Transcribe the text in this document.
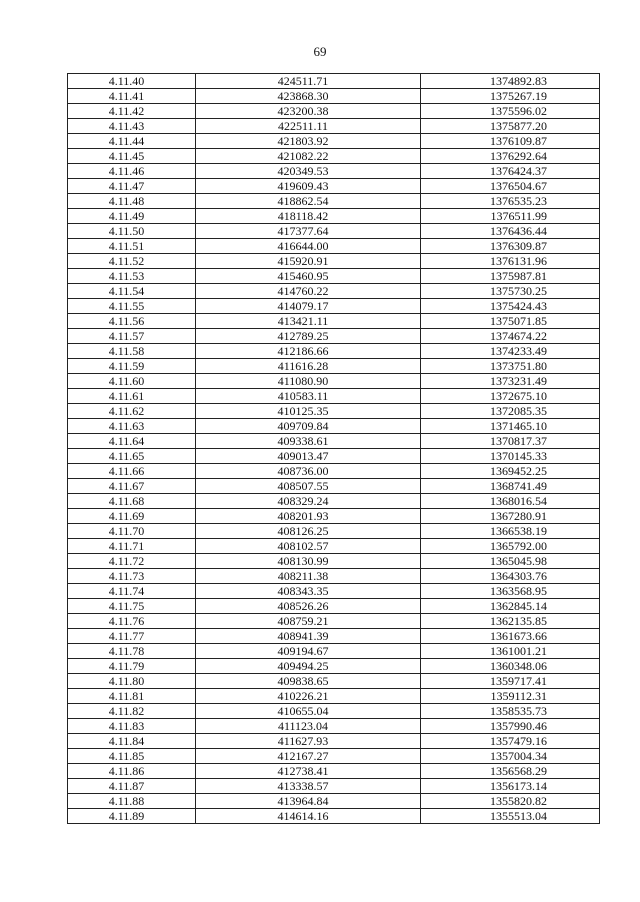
69
4.11.40	424511.71	1374892.83
4.11.41	423868.30	1375267.19
4.11.42	423200.38	1375596.02
4.11.43	422511.11	1375877.20
4.11.44	421803.92	1376109.87
4.11.45	421082.22	1376292.64
4.11.46	420349.53	1376424.37
4.11.47	419609.43	1376504.67
4.11.48	418862.54	1376535.23
4.11.49	418118.42	1376511.99
4.11.50	417377.64	1376436.44
4.11.51	416644.00	1376309.87
4.11.52	415920.91	1376131.96
4.11.53	415460.95	1375987.81
4.11.54	414760.22	1375730.25
4.11.55	414079.17	1375424.43
4.11.56	413421.11	1375071.85
4.11.57	412789.25	1374674.22
4.11.58	412186.66	1374233.49
4.11.59	411616.28	1373751.80
4.11.60	411080.90	1373231.49
4.11.61	410583.11	1372675.10
4.11.62	410125.35	1372085.35
4.11.63	409709.84	1371465.10
4.11.64	409338.61	1370817.37
4.11.65	409013.47	1370145.33
4.11.66	408736.00	1369452.25
4.11.67	408507.55	1368741.49
4.11.68	408329.24	1368016.54
4.11.69	408201.93	1367280.91
4.11.70	408126.25	1366538.19
4.11.71	408102.57	1365792.00
4.11.72	408130.99	1365045.98
4.11.73	408211.38	1364303.76
4.11.74	408343.35	1363568.95
4.11.75	408526.26	1362845.14
4.11.76	408759.21	1362135.85
4.11.77	408941.39	1361673.66
4.11.78	409194.67	1361001.21
4.11.79	409494.25	1360348.06
4.11.80	409838.65	1359717.41
4.11.81	410226.21	1359112.31
4.11.82	410655.04	1358535.73
4.11.83	411123.04	1357990.46
4.11.84	411627.93	1357479.16
4.11.85	412167.27	1357004.34
4.11.86	412738.41	1356568.29
4.11.87	413338.57	1356173.14
4.11.88	413964.84	1355820.82
4.11.89	414614.16	1355513.04
